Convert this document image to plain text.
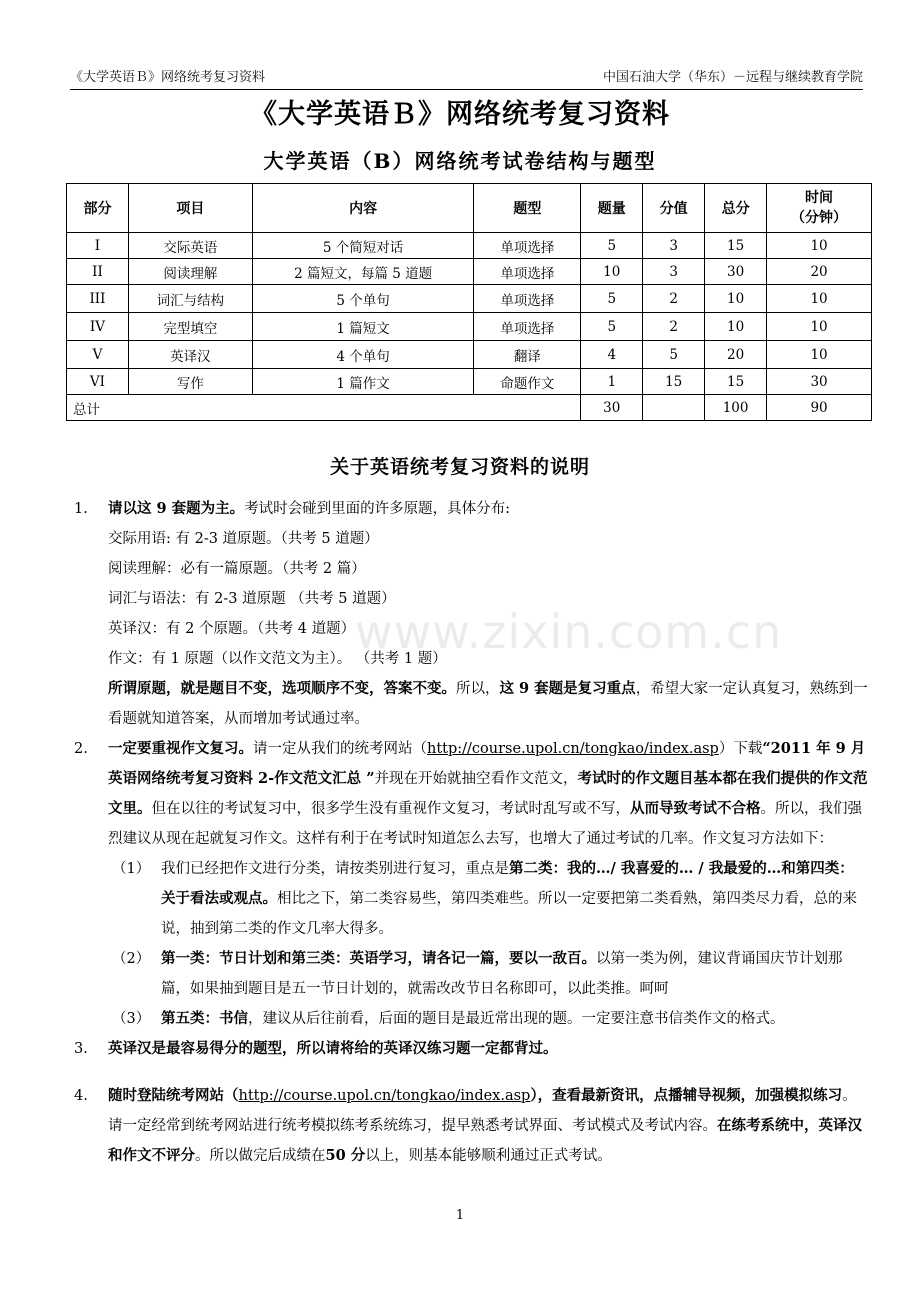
《大学英语Ｂ》网络统考复习资料	中国石油大学（华东）－远程与继续教育学院
《大学英语Ｂ》网络统考复习资料
大学英语（B）网络统考试卷结构与题型
部分	项目	内容	题型	题量	分值	总分	时间
（分钟）

I	交际英语	5 个简短对话	单项选择	5	3	15	10
II	阅读理解	2 篇短文，每篇 5 道题	单项选择	10	3	30	20
III	词汇与结构	5 个单句	单项选择	5	2	10	10
IV	完型填空	1 篇短文	单项选择	5	2	10	10
V	英译汉	4 个单句	翻译	4	5	20	10
VI	写作	1 篇作文	命题作文	1	15	15	30
总计				30		100	90
关于英语统考复习资料的说明
1. 请以这 9 套题为主。考试时会碰到里面的许多原题，具体分布:
交际用语: 有 2-3 道原题。（共考 5 道题）
阅读理解：必有一篇原题。（共考 2 篇）
词汇与语法：有 2-3 道原题 （共考 5 道题）
英译汉：有 2 个原题。（共考 4 道题）
作文：有 1 原题（以作文范文为主）。 （共考 1 题）
所谓原题，就是题目不变，选项顺序不变，答案不变。所以，这 9 套题是复习重点，希望大家一定认真复习，熟练到一看题就知道答案，从而增加考试通过率。
2. 一定要重视作文复习。请一定从我们的统考网站（http://course.upol.cn/tongkao/index.asp）下载“2011 年 9 月英语网络统考复习资料 2-作文范文汇总 ”并现在开始就抽空看作文范文，考试时的作文题目基本都在我们提供的作文范文里。但在以往的考试复习中，很多学生没有重视作文复习，考试时乱写或不写，从而导致考试不合格。所以，我们强烈建议从现在起就复习作文。这样有利于在考试时知道怎么去写，也增大了通过考试的几率。作文复习方法如下：
（1） 我们已经把作文进行分类，请按类别进行复习，重点是第二类：我的…/ 我喜爱的… / 我最爱的…和第四类：关于看法或观点。相比之下，第二类容易些，第四类难些。所以一定要把第二类看熟，第四类尽力看，总的来说，抽到第二类的作文几率大得多。
（2） 第一类：节日计划和第三类：英语学习，请各记一篇，要以一敌百。以第一类为例，建议背诵国庆节计划那篇，如果抽到题目是五一节日计划的，就需改改节日名称即可，以此类推。呵呵
（3） 第五类：书信，建议从后往前看，后面的题目是最近常出现的题。一定要注意书信类作文的格式。
3. 英译汉是最容易得分的题型，所以请将给的英译汉练习题一定都背过。
4. 随时登陆统考网站（http://course.upol.cn/tongkao/index.asp），查看最新资讯，点播辅导视频，加强模拟练习。请一定经常到统考网站进行统考模拟练考系统练习，提早熟悉考试界面、考试模式及考试内容。在练考系统中，英译汉和作文不评分。所以做完后成绩在50 分以上，则基本能够顺利通过正式考试。
www.zixin.com.cn
1
